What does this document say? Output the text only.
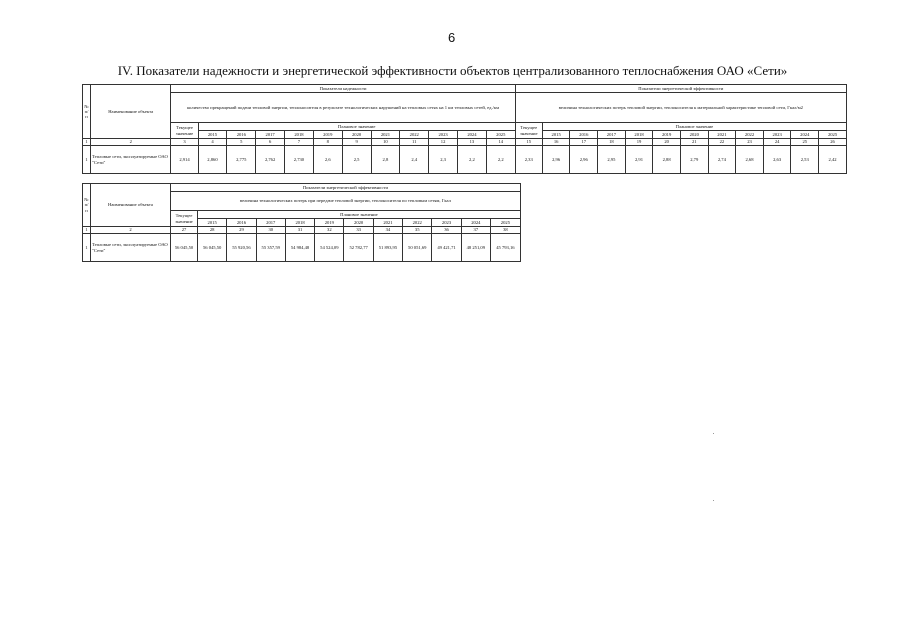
6
IV. Показатели надежности и энергетической эффективности объектов централизованного теплоснабжения ОАО «Сети»
№ п/п	Наименование объекта	Показатели надежности												Показатели энергетической эффективности											
		количество прекращений подачи тепловой энергии, теплоносителя в результате технологических нарушений на тепловых сетях на 1 км тепловых сетей, ед./км												величина технологических потерь тепловой энергии, теплоносителя к материальной характеристике тепловой сети, Гкал/м2											
		Текущее значение	Плановое значение											Текущее значение	Плановое значение										
			2015	2016	2017	2018	2019	2020	2021	2022	2023	2024	2025		2015	2016	2017	2018	2019	2020	2021	2022	2023	2024	2025
1	2	3	4	5	6	7	8	9	10	11	12	13	14	15	16	17	18	19	20	21	22	23	24	25	26
1	Тепловые сети, эксплуатируемые ОАО "Сети"	2,914	2,860	2,775	2,762	2,730	2,6	2,5	2,8	2,4	2,3	2,2	2,2	2,33	2,96	2,96	2,95	2,91	2,88	2,79	2,74	2,68	2,63	2,53	2,42
№ п/п	Наименование объекта	Показатели энергетической эффективности											
		величина технологических потерь при передаче тепловой энергии, теплоносителя по тепловым сетям, Гкал											
		Текущее значение	Плановое значение										
			2015	2016	2017	2018	2019	2020	2021	2022	2023	2024	2025
1	2	27	28	29	30	31	32	33	34	35	36	37	38
1	Тепловые сети, эксплуатируемые ОАО "Сети"	56 045,50	56 045,50	55 920,56	55 357,59	54 984,48	54 524,09	52 782,77	51 893,95	50 051,69	49 421,71	48 251,09	45 793,16
